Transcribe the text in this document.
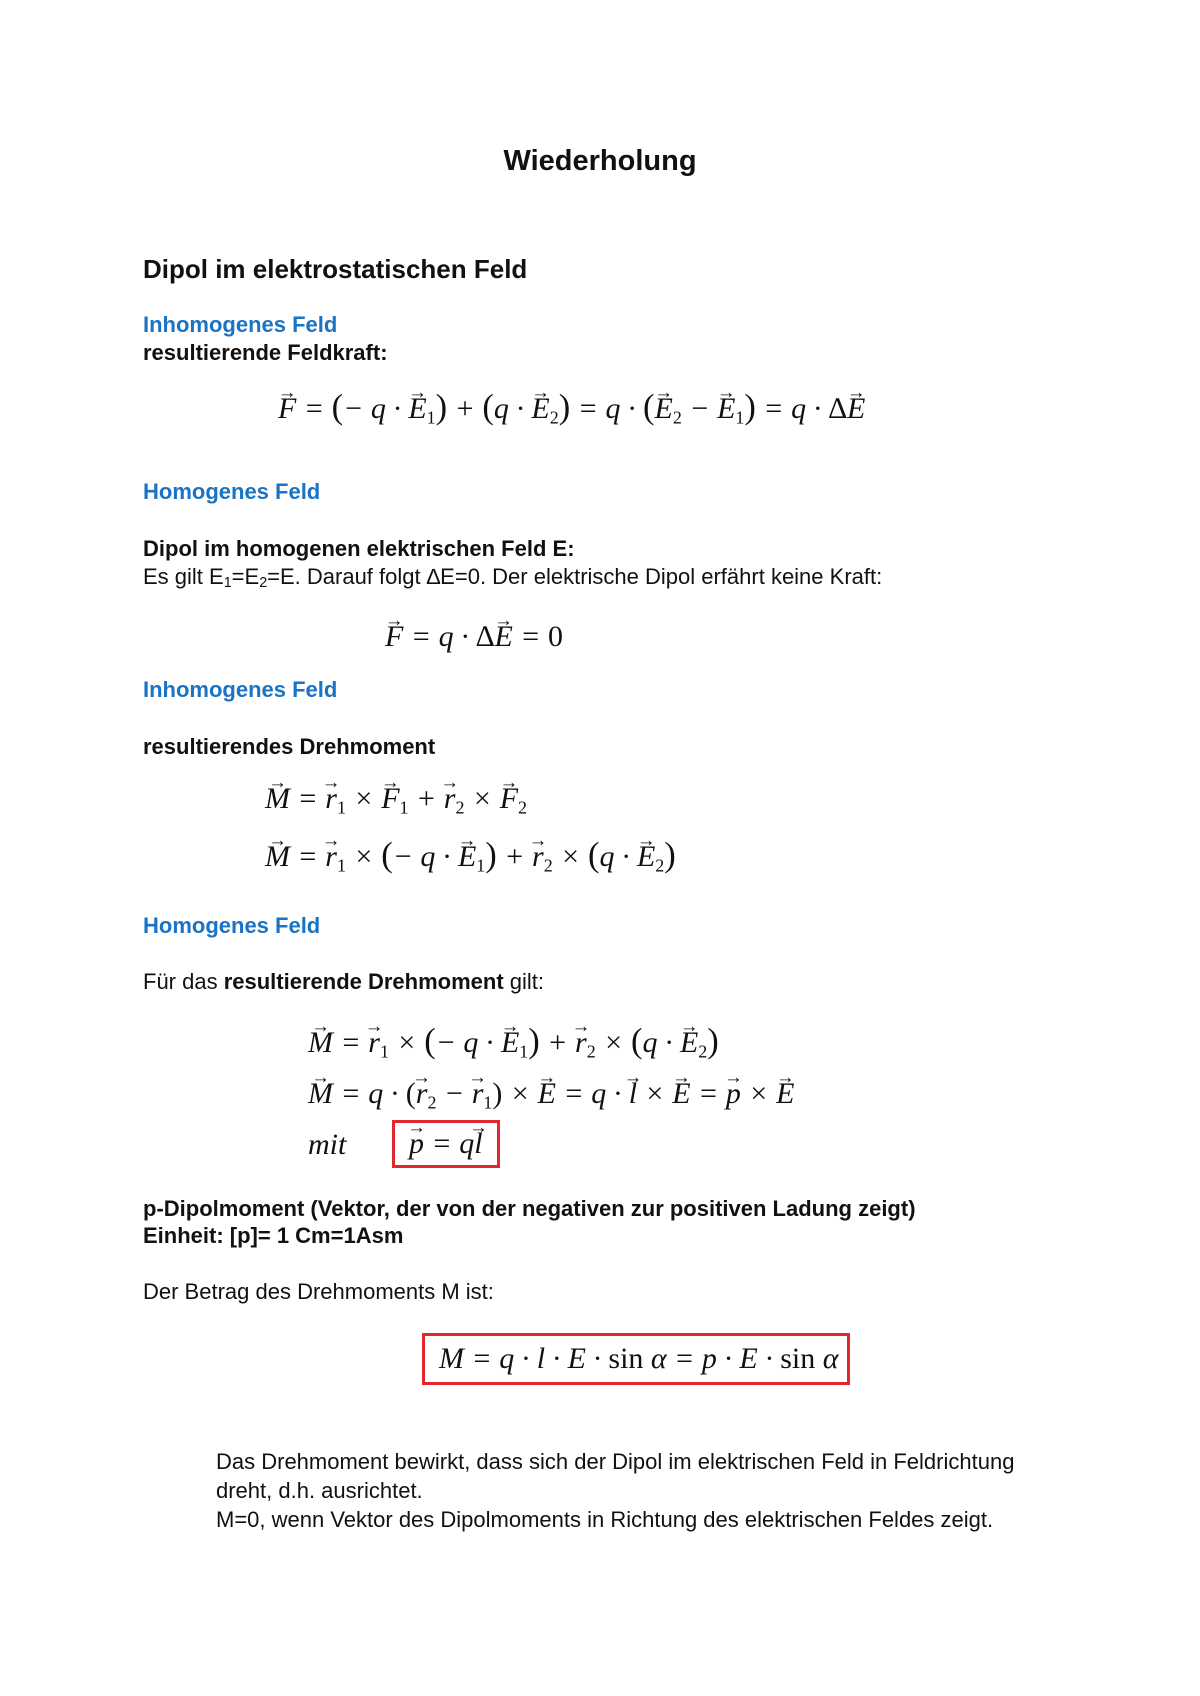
Wiederholung
Dipol im elektrostatischen Feld
Inhomogenes Feld
resultierende Feldkraft:
→ F = (− q · → $E_1) + (q$ · → $E_2) = q$ · (→ $E_2$ − → $E_1) = q$ · ∆→ E
Homogenes Feld
Dipol im homogenen elektrischen Feld E:
Es gilt $E_1=E_2=E$. Darauf folgt ∆E=0. Der elektrische Dipol erfährt keine Kraft:
→ F = q · ∆→ E = 0
Inhomogenes Feld
resultierendes Drehmoment
→ M = → $r_1$ × → $F_1$ + → $r_2$ × → $F_2$
→ M = → $r_1$ × (− q · → $E_1$) + → $r_2 \times (q$ · → $E_2$)
Homogenes Feld
Für das resultierende Drehmoment gilt:
→ M = → $r_1$ × (− q · → $E_1$) + → $r_2 \times (q$ · → $E_2$)
→ M = q · (→ $r_2$ − → $r_1$) × → E = q · → l × → E = → p × → E
mit
→	p = q→ l
p-Dipolmoment (Vektor, der von der negativen zur positiven Ladung zeigt)
Einheit: [p]= 1 Cm=1Asm
Der Betrag des Drehmoments M ist:
M = q · l · E · sin α = p · E · sin α
Das Drehmoment bewirkt, dass sich der Dipol im elektrischen Feld in Feldrichtung dreht, d.h. ausrichtet.
M=0, wenn Vektor des Dipolmoments in Richtung des elektrischen Feldes zeigt.
